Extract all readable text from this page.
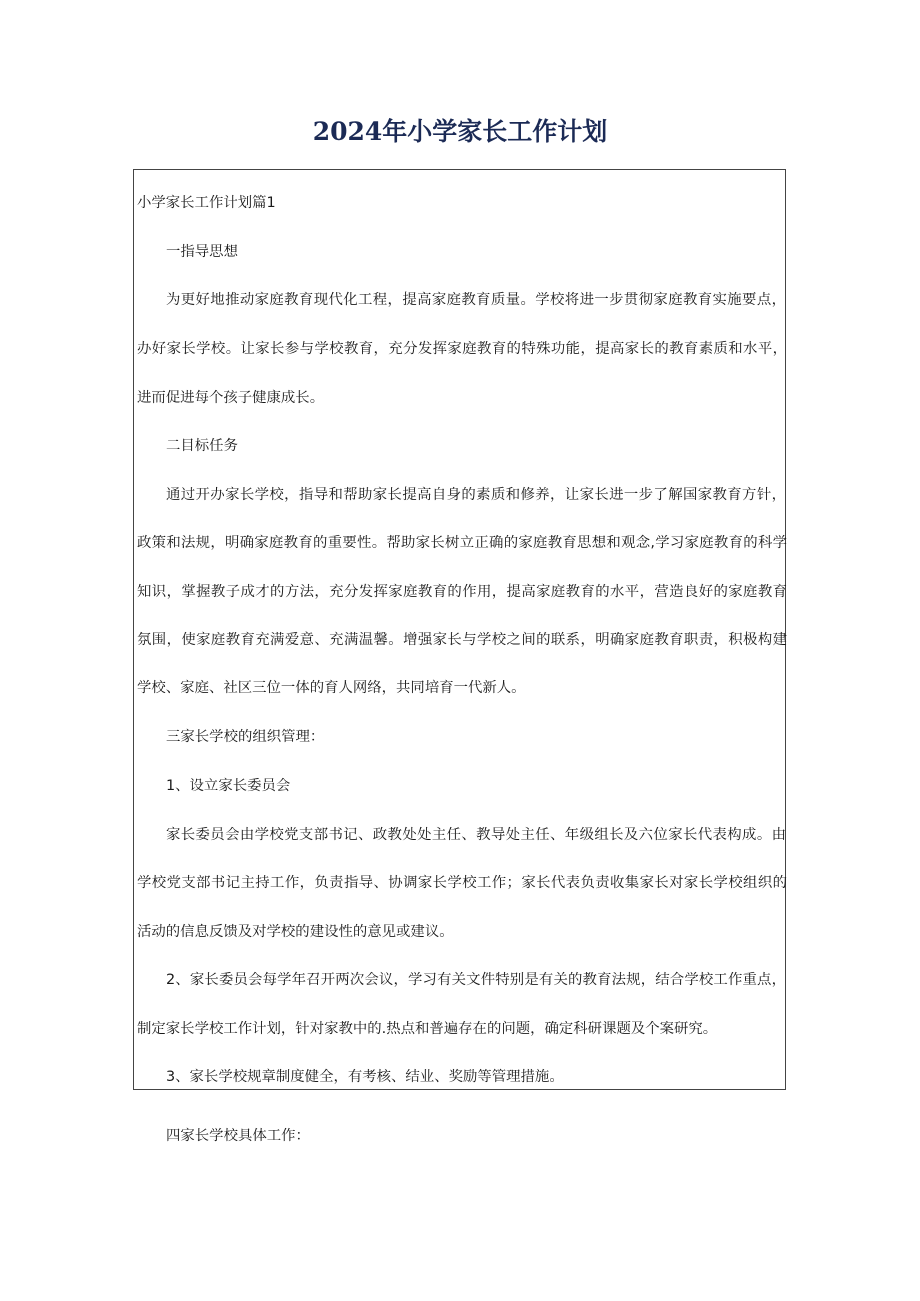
2024年小学家长工作计划
小学家长工作计划篇1
一指导思想
为更好地推动家庭教育现代化工程，提高家庭教育质量。学校将进一步贯彻家庭教育实施要点，
办好家长学校。让家长参与学校教育，充分发挥家庭教育的特殊功能，提高家长的教育素质和水平，
进而促进每个孩子健康成长。
二目标任务
通过开办家长学校，指导和帮助家长提高自身的素质和修养，让家长进一步了解国家教育方针，
政策和法规，明确家庭教育的重要性。帮助家长树立正确的家庭教育思想和观念,学习家庭教育的科学
知识，掌握教子成才的方法，充分发挥家庭教育的作用，提高家庭教育的水平，营造良好的家庭教育
氛围，使家庭教育充满爱意、充满温馨。增强家长与学校之间的联系，明确家庭教育职责，积极构建
学校、家庭、社区三位一体的育人网络，共同培育一代新人。
三家长学校的组织管理：
1、设立家长委员会
家长委员会由学校党支部书记、政教处处主任、教导处主任、年级组长及六位家长代表构成。由
学校党支部书记主持工作，负责指导、协调家长学校工作；家长代表负责收集家长对家长学校组织的
活动的信息反馈及对学校的建设性的意见或建议。
2、家长委员会每学年召开两次会议，学习有关文件特别是有关的教育法规，结合学校工作重点，
制定家长学校工作计划，针对家教中的.热点和普遍存在的问题，确定科研课题及个案研究。
3、家长学校规章制度健全，有考核、结业、奖励等管理措施。
四家长学校具体工作：
